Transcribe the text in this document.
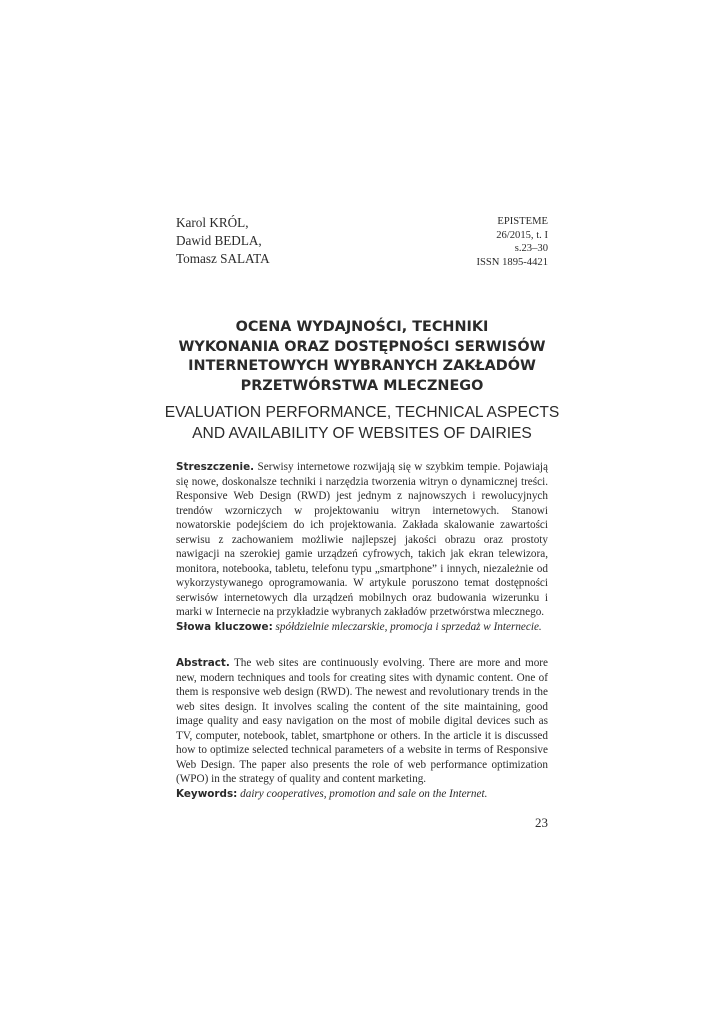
Karol KRÓL,
Dawid BEDLA,
Tomasz SALATA
EPISTEME
26/2015, t. I
s.23–30
ISSN 1895-4421
OCENA WYDAJNOŚCI, TECHNIKI
WYKONANIA ORAZ DOSTĘPNOŚCI SERWISÓW
INTERNETOWYCH WYBRANYCH ZAKŁADÓW
PRZETWÓRSTWA MLECZNEGO
EVALUATION PERFORMANCE, TECHNICAL ASPECTS
AND AVAILABILITY OF WEBSITES OF DAIRIES
Streszczenie. Serwisy internetowe rozwijają się w szybkim tempie. Pojawiają się nowe, doskonalsze techniki i narzędzia tworzenia witryn o dynamicznej treści. Responsive Web Design (RWD) jest jednym z najnowszych i rewolucyjnych trendów wzorniczych w projektowaniu witryn internetowych. Stanowi nowatorskie podejściem do ich projektowania. Zakłada skalowanie zawartości serwisu z zachowaniem możliwie najlepszej jakości obrazu oraz prostoty nawigacji na szerokiej gamie urządzeń cyfrowych, takich jak ekran telewizora, monitora, notebooka, tabletu, telefonu typu „smartphone” i innych, niezależnie od wykorzystywanego oprogramowania. W artykule poruszono temat dostępności serwisów internetowych dla urządzeń mobilnych oraz budowania wizerunku i marki w Internecie na przykładzie wybranych zakładów przetwórstwa mlecznego.
Słowa kluczowe: spółdzielnie mleczarskie, promocja i sprzedaż w Internecie.
Abstract. The web sites are continuously evolving. There are more and more new, modern techniques and tools for creating sites with dynamic content. One of them is responsive web design (RWD). The newest and revolutionary trends in the web sites design. It involves scaling the content of the site maintaining, good image quality and easy navigation on the most of mobile digital devices such as TV, computer, notebook, tablet, smartphone or others. In the article it is discussed how to optimize selected technical parameters of a website in terms of Responsive Web Design. The paper also presents the role of web performance optimization (WPO) in the strategy of quality and content marketing.
Keywords: dairy cooperatives, promotion and sale on the Internet.
23
